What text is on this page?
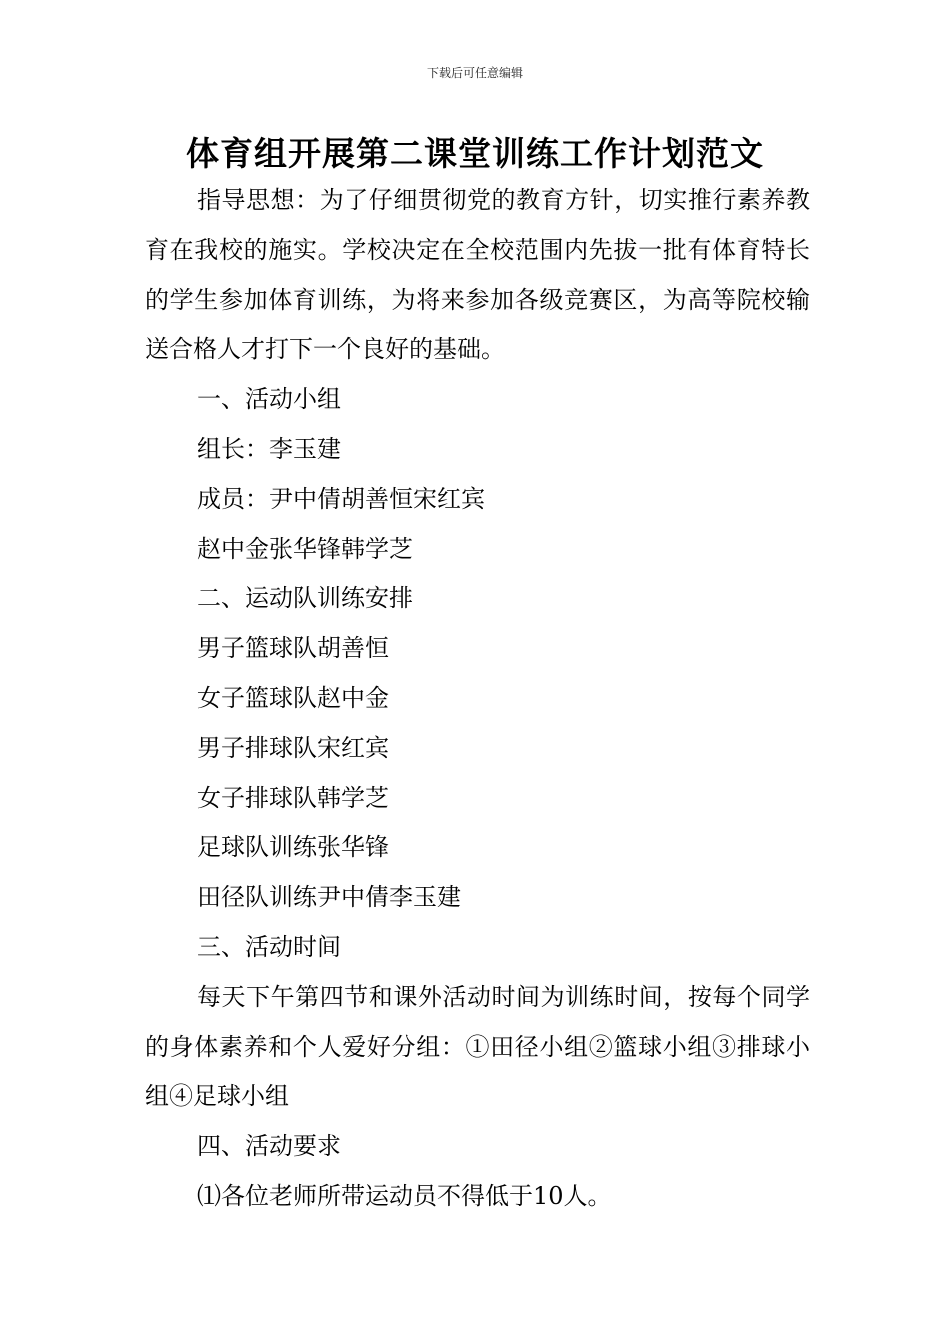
下载后可任意编辑
体育组开展第二课堂训练工作计划范文

指导思想：为了仔细贯彻党的教育方针，切实推行素养教育在我校的施实。学校决定在全校范围内先拔一批有体育特长的学生参加体育训练，为将来参加各级竞赛区，为高等院校输送合格人才打下一个良好的基础。

一、活动小组

组长：李玉建

成员：尹中倩胡善恒宋红宾

赵中金张华锋韩学芝

二、运动队训练安排

男子篮球队胡善恒

女子篮球队赵中金

男子排球队宋红宾

女子排球队韩学芝

足球队训练张华锋

田径队训练尹中倩李玉建

三、活动时间

每天下午第四节和课外活动时间为训练时间，按每个同学的身体素养和个人爱好分组：①田径小组②篮球小组③排球小组④足球小组

四、活动要求

⑴各位老师所带运动员不得低于10人。
